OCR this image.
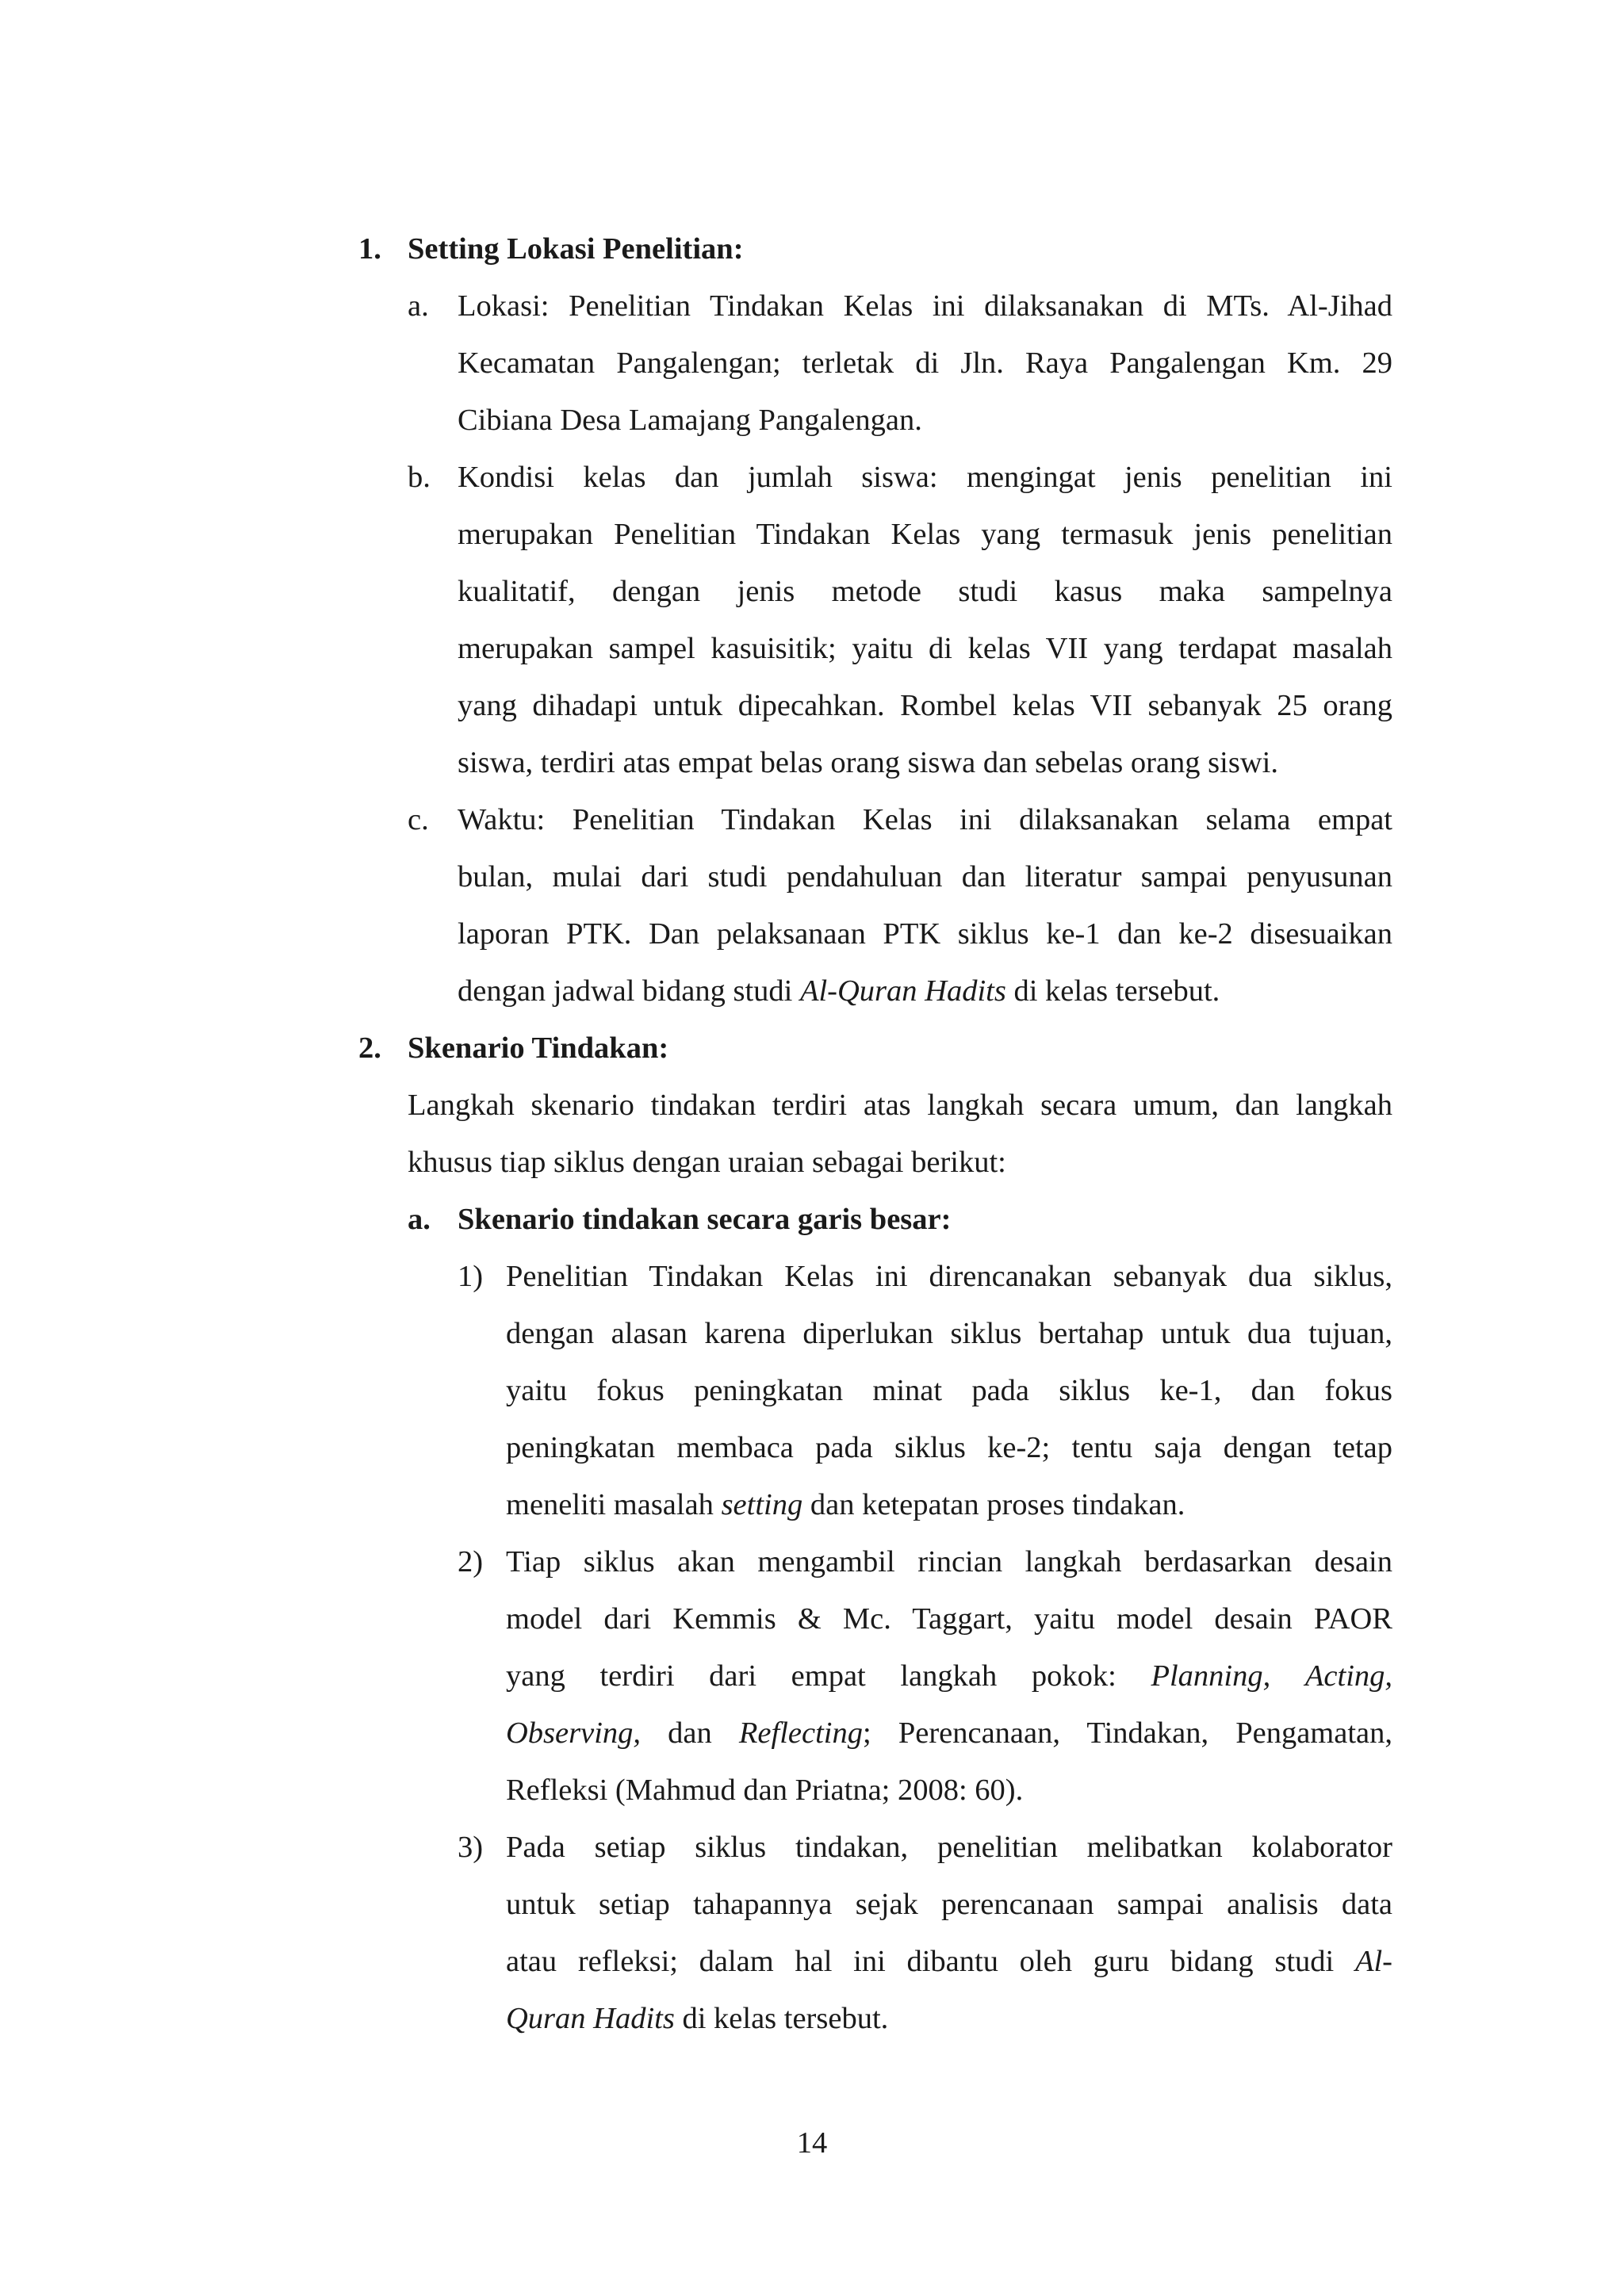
1. Setting Lokasi Penelitian:
a. Lokasi: Penelitian Tindakan Kelas ini dilaksanakan di MTs. Al-Jihad
Kecamatan Pangalengan; terletak di Jln. Raya Pangalengan Km. 29
Cibiana Desa Lamajang Pangalengan.
b. Kondisi kelas dan jumlah siswa: mengingat jenis penelitian ini
merupakan Penelitian Tindakan Kelas yang termasuk jenis penelitian
kualitatif, dengan jenis metode studi kasus maka sampelnya
merupakan sampel kasuisitik; yaitu di kelas VII yang terdapat masalah
yang dihadapi untuk dipecahkan. Rombel kelas VII sebanyak 25 orang
siswa, terdiri atas empat belas orang siswa dan sebelas orang siswi.
c. Waktu: Penelitian Tindakan Kelas ini dilaksanakan selama empat
bulan, mulai dari studi pendahuluan dan literatur sampai penyusunan
laporan PTK. Dan pelaksanaan PTK siklus ke-1 dan ke-2 disesuaikan
dengan jadwal bidang studi Al-Quran Hadits di kelas tersebut.
2. Skenario Tindakan:
Langkah skenario tindakan terdiri atas langkah secara umum, dan langkah
khusus tiap siklus dengan uraian sebagai berikut:
a. Skenario tindakan secara garis besar:
1) Penelitian Tindakan Kelas ini direncanakan sebanyak dua siklus,
dengan alasan karena diperlukan siklus bertahap untuk dua tujuan,
yaitu fokus peningkatan minat pada siklus ke-1, dan fokus
peningkatan membaca pada siklus ke-2; tentu saja dengan tetap
meneliti masalah setting dan ketepatan proses tindakan.
2) Tiap siklus akan mengambil rincian langkah berdasarkan desain
model dari Kemmis & Mc. Taggart, yaitu model desain PAOR
yang terdiri dari empat langkah pokok: Planning, Acting,
Observing, dan Reflecting; Perencanaan, Tindakan, Pengamatan,
Refleksi (Mahmud dan Priatna; 2008: 60).
3) Pada setiap siklus tindakan, penelitian melibatkan kolaborator
untuk setiap tahapannya sejak perencanaan sampai analisis data
atau refleksi; dalam hal ini dibantu oleh guru bidang studi Al-
Quran Hadits di kelas tersebut.
14
